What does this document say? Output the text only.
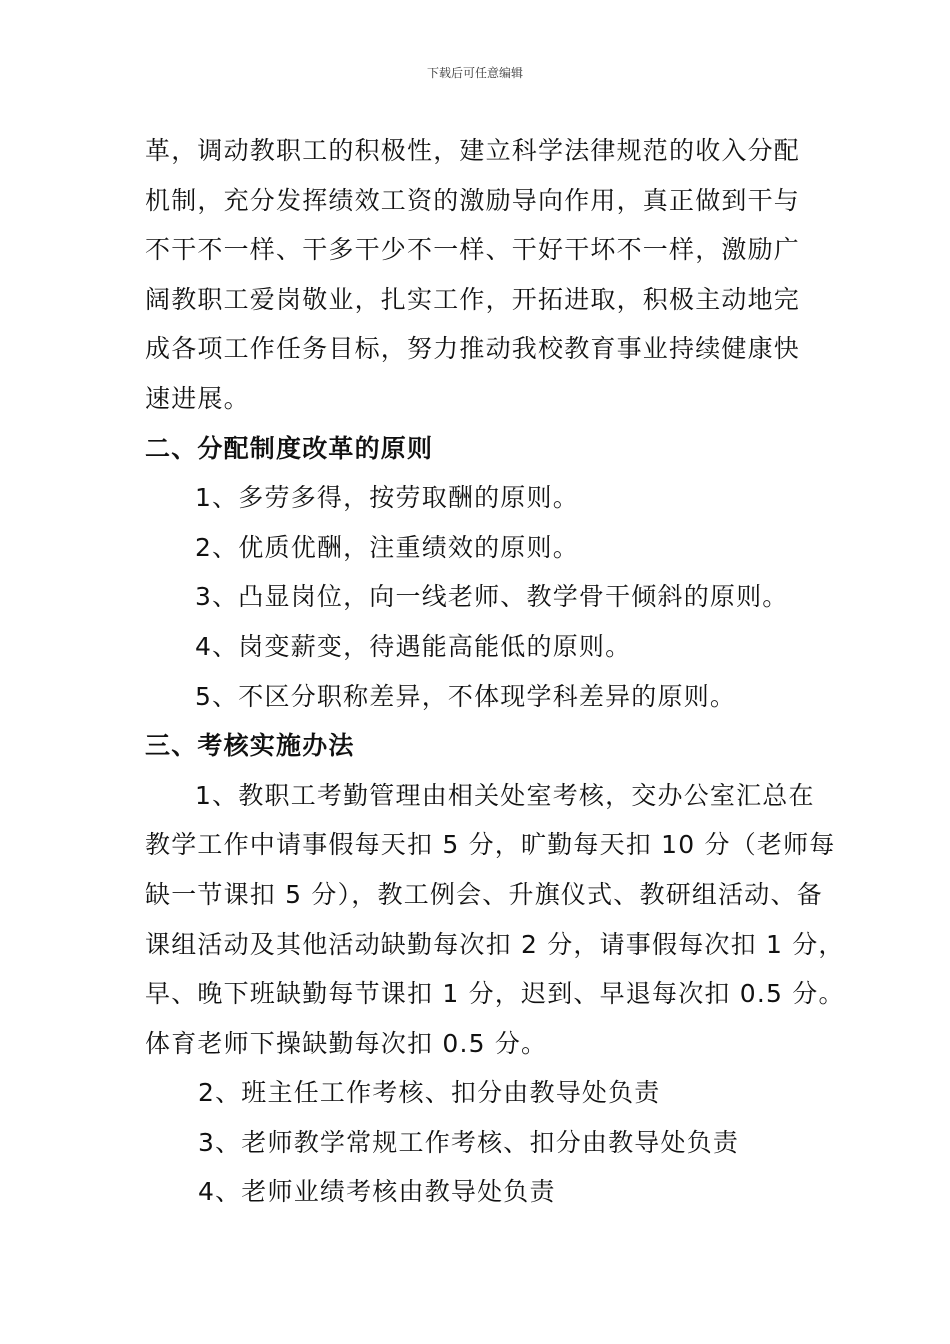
下载后可任意编辑
革，调动教职工的积极性，建立科学法律规范的收入分配
机制，充分发挥绩效工资的激励导向作用，真正做到干与
不干不一样、干多干少不一样、干好干坏不一样，激励广
阔教职工爱岗敬业，扎实工作，开拓进取，积极主动地完
成各项工作任务目标，努力推动我校教育事业持续健康快
速进展。
二、分配制度改革的原则
1、多劳多得，按劳取酬的原则。
2、优质优酬，注重绩效的原则。
3、凸显岗位，向一线老师、教学骨干倾斜的原则。
4、岗变薪变，待遇能高能低的原则。
5、不区分职称差异，不体现学科差异的原则。
三、考核实施办法
1、教职工考勤管理由相关处室考核，交办公室汇总在
教学工作中请事假每天扣 5 分，旷勤每天扣 10 分（老师每
缺一节课扣 5 分），教工例会、升旗仪式、教研组活动、备
课组活动及其他活动缺勤每次扣 2 分，请事假每次扣 1 分，
早、晚下班缺勤每节课扣 1 分，迟到、早退每次扣 0.5 分。
体育老师下操缺勤每次扣 0.5 分。
2、班主任工作考核、扣分由教导处负责
3、老师教学常规工作考核、扣分由教导处负责
4、老师业绩考核由教导处负责
